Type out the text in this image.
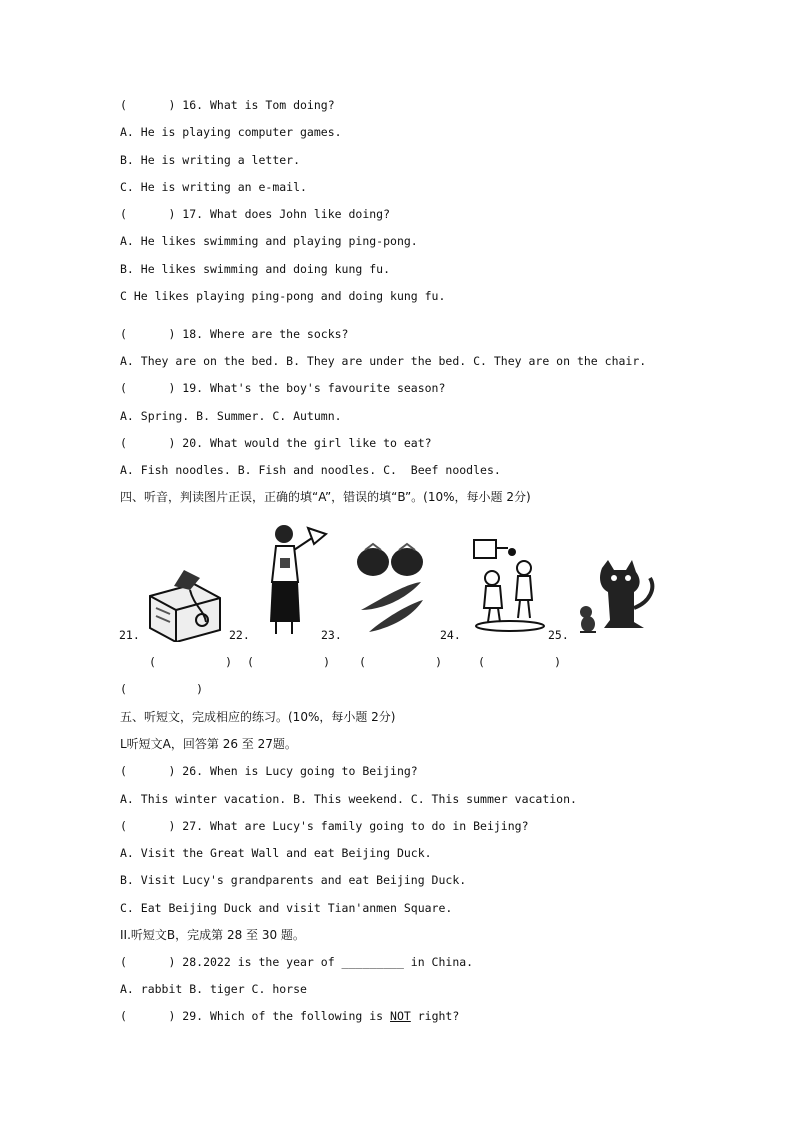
(      ) 16. What is Tom doing?
A. He is playing computer games.
B. He is writing a letter.
C. He is writing an e-mail.
(      ) 17. What does John like doing?
A. He likes swimming and playing ping-pong.
B. He likes swimming and doing kung fu.
C He likes playing ping-pong and doing kung fu.
(      ) 18. Where are the socks?
A. They are on the bed. B. They are under the bed. C. They are on the chair.
(      ) 19. What's the boy's favourite season?
A. Spring. B. Summer. C. Autumn.
(      ) 20. What would the girl like to eat?
A. Fish noodles. B. Fish and noodles. C.  Beef noodles.
四、听音，判读图片正误，正确的填“A”，错误的填“B”。(10%，每小题 2分)
21.	22.	23.	24.	25.
(          ) (          )	(          )	(          )
(          )
五、听短文，完成相应的练习。(10%，每小题 2分)
L听短文A，回答第 26 至 27题。
(      ) 26. When is Lucy going to Beijing?
A. This winter vacation. B. This weekend. C. This summer vacation.
(      ) 27. What are Lucy's family going to do in Beijing?
A. Visit the Great Wall and eat Beijing Duck.
B. Visit Lucy's grandparents and eat Beijing Duck.
C. Eat Beijing Duck and visit Tian'anmen Square.
II.听短文B，完成第 28 至 30 题。
(      ) 28.2022 is the year of _________ in China.
A. rabbit B. tiger C. horse
(      ) 29. Which of the following is NOT right?
